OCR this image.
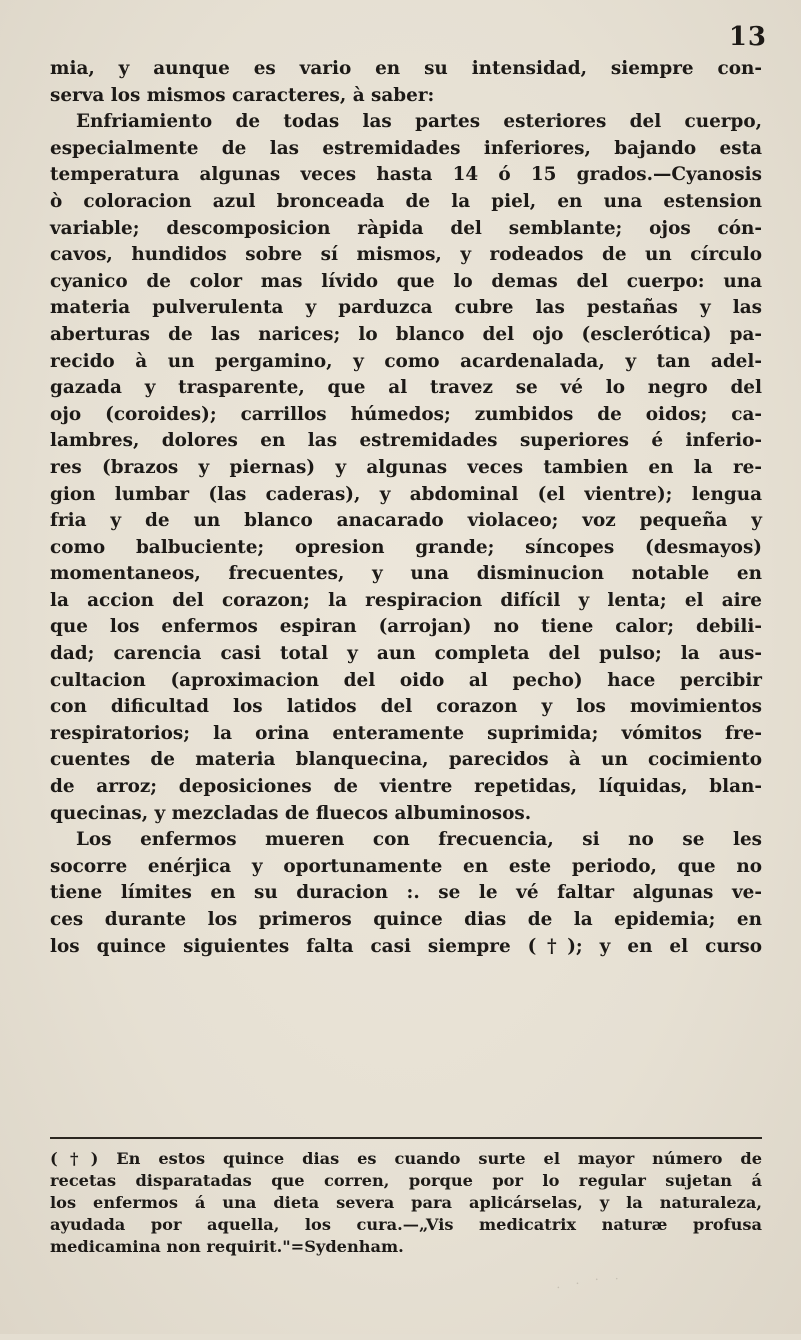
13
mia, y aunque es vario en su intensidad, siempre con-
serva los mismos caracteres, à saber:
Enfriamiento de todas las partes esteriores del cuerpo,
especialmente de las estremidades inferiores, bajando esta
temperatura algunas veces hasta 14 ó 15 grados.—Cyanosis
ò coloracion azul bronceada de la piel, en una estension
variable; descomposicion ràpida del semblante; ojos cón-
cavos, hundidos sobre sí mismos, y rodeados de un círculo
cyanico de color mas lívido que lo demas del cuerpo: una
materia pulverulenta y parduzca cubre las pestañas y las
aberturas de las narices; lo blanco del ojo (esclerótica) pa-
recido à un pergamino, y como acardenalada, y tan adel-
gazada y trasparente, que al travez se vé lo negro del
ojo (coroides); carrillos húmedos; zumbidos de oidos; ca-
lambres, dolores en las estremidades superiores é inferio-
res (brazos y piernas) y algunas veces tambien en la re-
gion lumbar (las caderas), y abdominal (el vientre); lengua
fria y de un blanco anacarado violaceo; voz pequeña y
como balbuciente; opresion grande; síncopes (desmayos)
momentaneos, frecuentes, y una disminucion notable en
la accion del corazon; la respiracion difícil y lenta; el aire
que los enfermos espiran (arrojan) no tiene calor; debili-
dad; carencia casi total y aun completa del pulso; la aus-
cultacion (aproximacion del oido al pecho) hace percibir
con dificultad los latidos del corazon y los movimientos
respiratorios; la orina enteramente suprimida; vómitos fre-
cuentes de materia blanquecina, parecidos à un cocimiento
de arroz; deposiciones de vientre repetidas, líquidas, blan-
quecinas, y mezcladas de fluecos albuminosos.
Los enfermos mueren con frecuencia, si no se les
socorre enérjica y oportunamente en este periodo, que no
tiene límites en su duracion :. se le vé faltar algunas ve-
ces durante los primeros quince dias de la epidemia; en
los quince siguientes falta casi siempre (†); y en el curso
(†) En estos quince dias es cuando surte el mayor número de
recetas disparatadas que corren, porque por lo regular sujetan á
los enfermos á una dieta severa para aplicárselas, y la naturaleza,
ayudada por aquella, los cura.—„Vis medicatrix naturæ profusa
medicamina non requirit."=Sydenham.
· · · .
